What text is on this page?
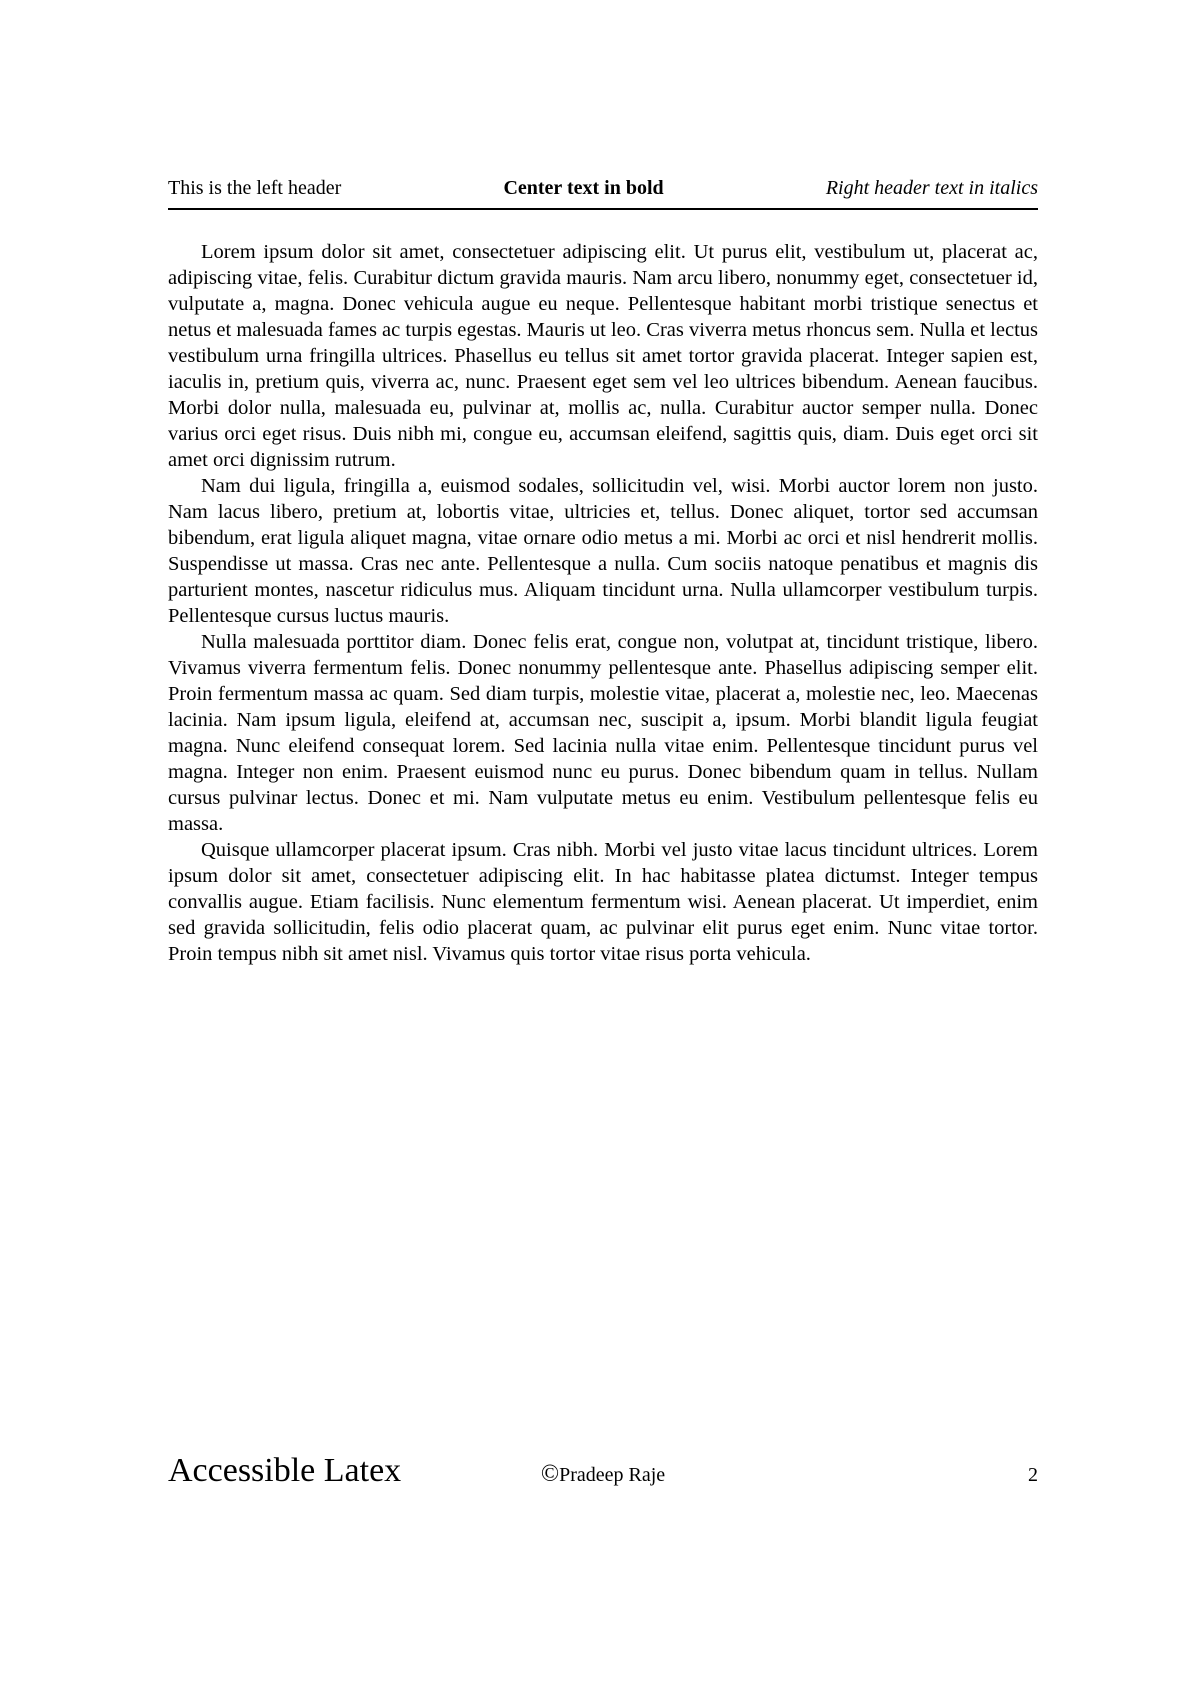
This is the left header	Center text in bold	Right header text in italics

Lorem ipsum dolor sit amet, consectetuer adipiscing elit. Ut purus elit, vestibulum ut, placerat ac, adipiscing vitae, felis. Curabitur dictum gravida mauris. Nam arcu libero, nonummy eget, consectetuer id, vulputate a, magna. Donec vehicula augue eu neque. Pellentesque habitant morbi tristique senectus et netus et malesuada fames ac turpis egestas. Mauris ut leo. Cras viverra metus rhoncus sem. Nulla et lectus vestibulum urna fringilla ultrices. Phasellus eu tellus sit amet tortor gravida placerat. Integer sapien est, iaculis in, pretium quis, viverra ac, nunc. Praesent eget sem vel leo ultrices bibendum. Aenean faucibus. Morbi dolor nulla, malesuada eu, pulvinar at, mollis ac, nulla. Curabitur auctor semper nulla. Donec varius orci eget risus. Duis nibh mi, congue eu, accumsan eleifend, sagittis quis, diam. Duis eget orci sit amet orci dignissim rutrum.

Nam dui ligula, fringilla a, euismod sodales, sollicitudin vel, wisi. Morbi auctor lorem non justo. Nam lacus libero, pretium at, lobortis vitae, ultricies et, tellus. Donec aliquet, tortor sed accumsan bibendum, erat ligula aliquet magna, vitae ornare odio metus a mi. Morbi ac orci et nisl hendrerit mollis. Suspendisse ut massa. Cras nec ante. Pellentesque a nulla. Cum sociis natoque penatibus et magnis dis parturient montes, nascetur ridiculus mus. Aliquam tincidunt urna. Nulla ullamcorper vestibulum turpis. Pellentesque cursus luctus mauris.

Nulla malesuada porttitor diam. Donec felis erat, congue non, volutpat at, tincidunt tristique, libero. Vivamus viverra fermentum felis. Donec nonummy pellentesque ante. Phasellus adipiscing semper elit. Proin fermentum massa ac quam. Sed diam turpis, molestie vitae, placerat a, molestie nec, leo. Maecenas lacinia. Nam ipsum ligula, eleifend at, accumsan nec, suscipit a, ipsum. Morbi blandit ligula feugiat magna. Nunc eleifend consequat lorem. Sed lacinia nulla vitae enim. Pellentesque tincidunt purus vel magna. Integer non enim. Praesent euismod nunc eu purus. Donec bibendum quam in tellus. Nullam cursus pulvinar lectus. Donec et mi. Nam vulputate metus eu enim. Vestibulum pellentesque felis eu massa.

Quisque ullamcorper placerat ipsum. Cras nibh. Morbi vel justo vitae lacus tincidunt ultrices. Lorem ipsum dolor sit amet, consectetuer adipiscing elit. In hac habitasse platea dictumst. Integer tempus convallis augue. Etiam facilisis. Nunc elementum fermentum wisi. Aenean placerat. Ut imperdiet, enim sed gravida sollicitudin, felis odio placerat quam, ac pulvinar elit purus eget enim. Nunc vitae tortor. Proin tempus nibh sit amet nisl. Vivamus quis tortor vitae risus porta vehicula.

Accessible Latex	©Pradeep Raje	2
